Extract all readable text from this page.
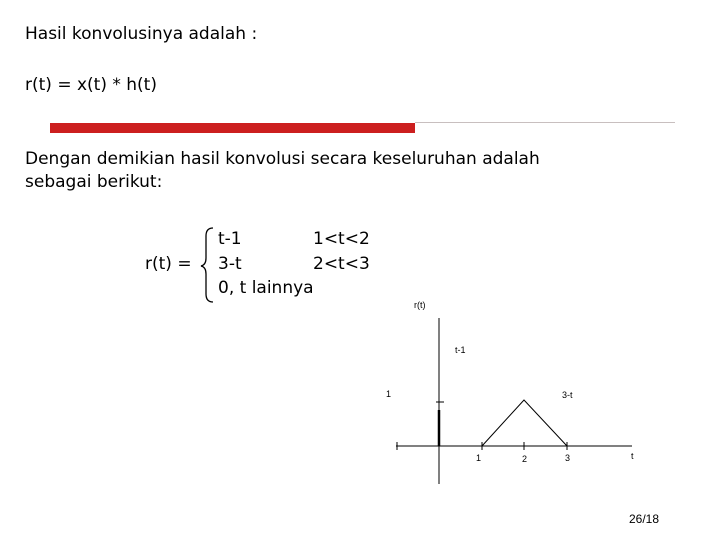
Hasil konvolusinya adalah :
r(t) = x(t) * h(t)
Dengan demikian hasil konvolusi secara keseluruhan adalah
sebagai berikut:
r(t) =
t-1	1<t<2
3-t	2<t<3
0, t lainnya
r(t)
t-1
1	3-t
1	2	3	t
26/18
